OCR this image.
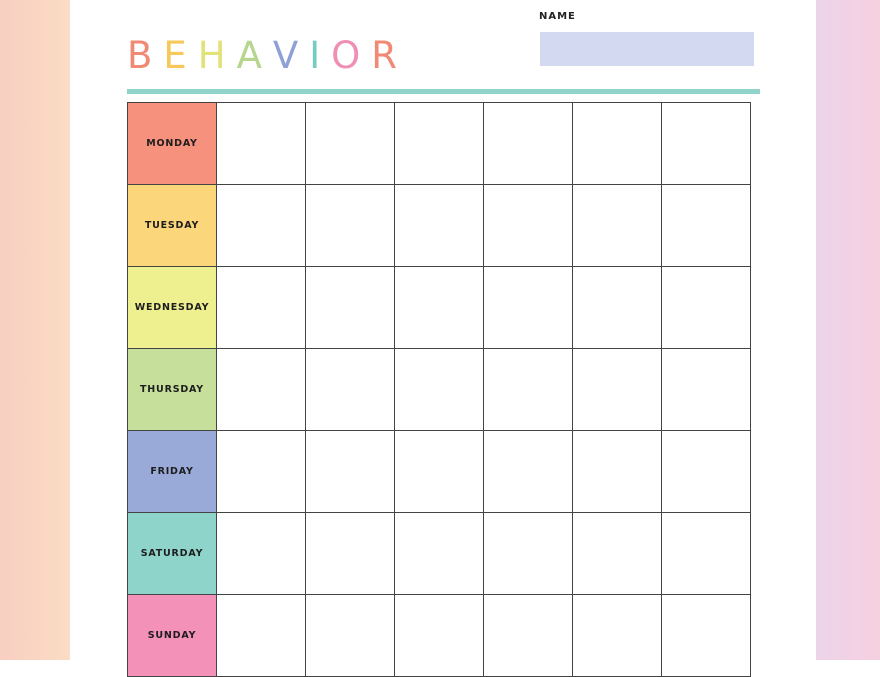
B E H A V I O R
NAME
MONDAY						
TUESDAY						
WEDNESDAY						
THURSDAY						
FRIDAY						
SATURDAY						
SUNDAY						
